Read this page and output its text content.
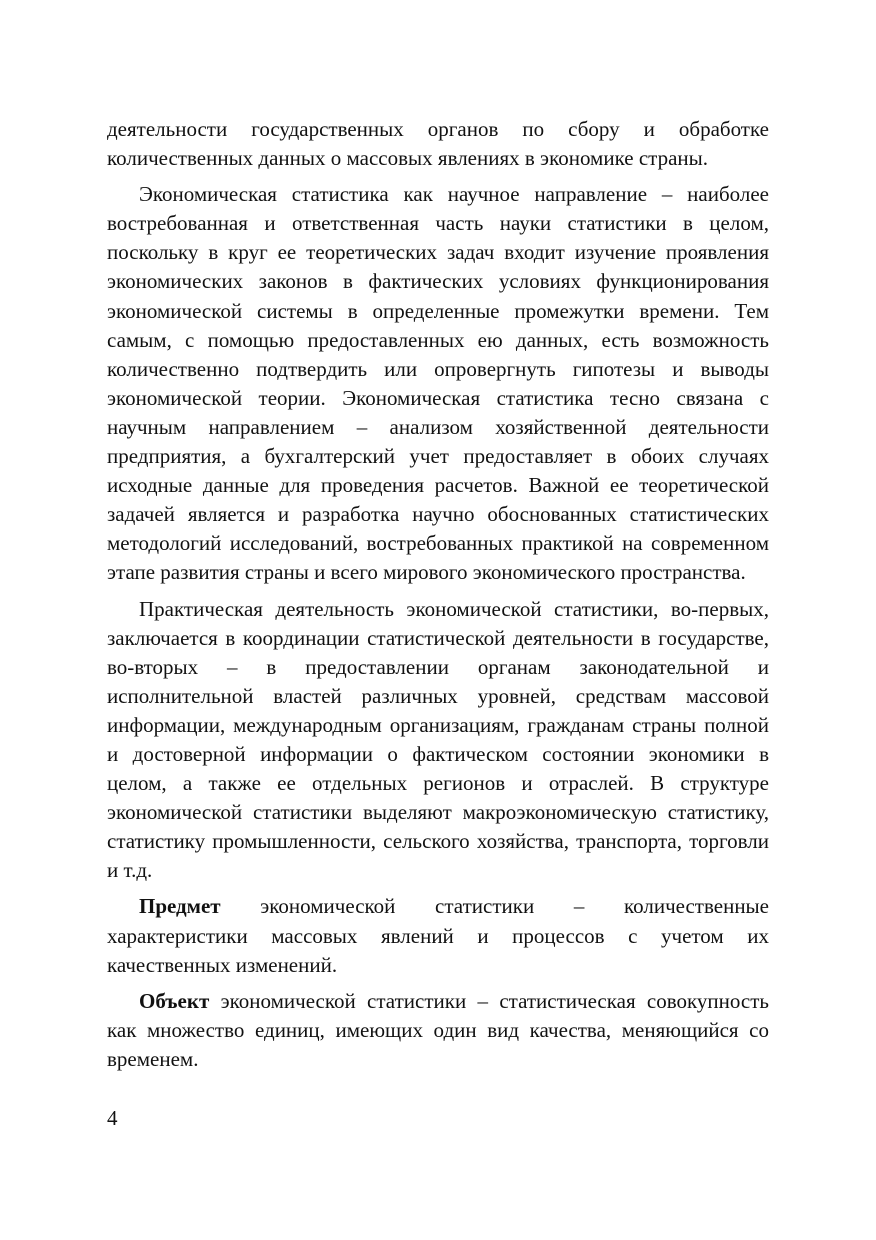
деятельности государственных органов по сбору и обработке количественных данных о массовых явлениях в экономике страны.

Экономическая статистика как научное направление – наиболее востребованная и ответственная часть науки статистики в целом, поскольку в круг ее теоретических задач входит изучение проявления экономических законов в фактических условиях функционирования экономической системы в определенные промежутки времени. Тем самым, с помощью предоставленных ею данных, есть возможность количественно подтвердить или опровергнуть гипотезы и выводы экономической теории. Экономическая статистика тесно связана с научным направлением – анализом хозяйственной деятельности предприятия, а бухгалтерский учет предоставляет в обоих случаях исходные данные для проведения расчетов. Важной ее теоретической задачей является и разработка научно обоснованных статистических методологий исследований, востребованных практикой на современном этапе развития страны и всего мирового экономического пространства.

Практическая деятельность экономической статистики, во-первых, заключается в координации статистической деятельности в государстве, во-вторых – в предоставлении органам законодательной и исполнительной властей различных уровней, средствам массовой информации, международным организациям, гражданам страны полной и достоверной информации о фактическом состоянии экономики в целом, а также ее отдельных регионов и отраслей. В структуре экономической статистики выделяют макроэкономическую статистику, статистику промышленности, сельского хозяйства, транспорта, торговли и т.д.

Предмет экономической статистики – количественные характеристики массовых явлений и процессов с учетом их качественных изменений.

Объект экономической статистики – статистическая совокупность как множество единиц, имеющих один вид качества, меняющийся со временем.

4
